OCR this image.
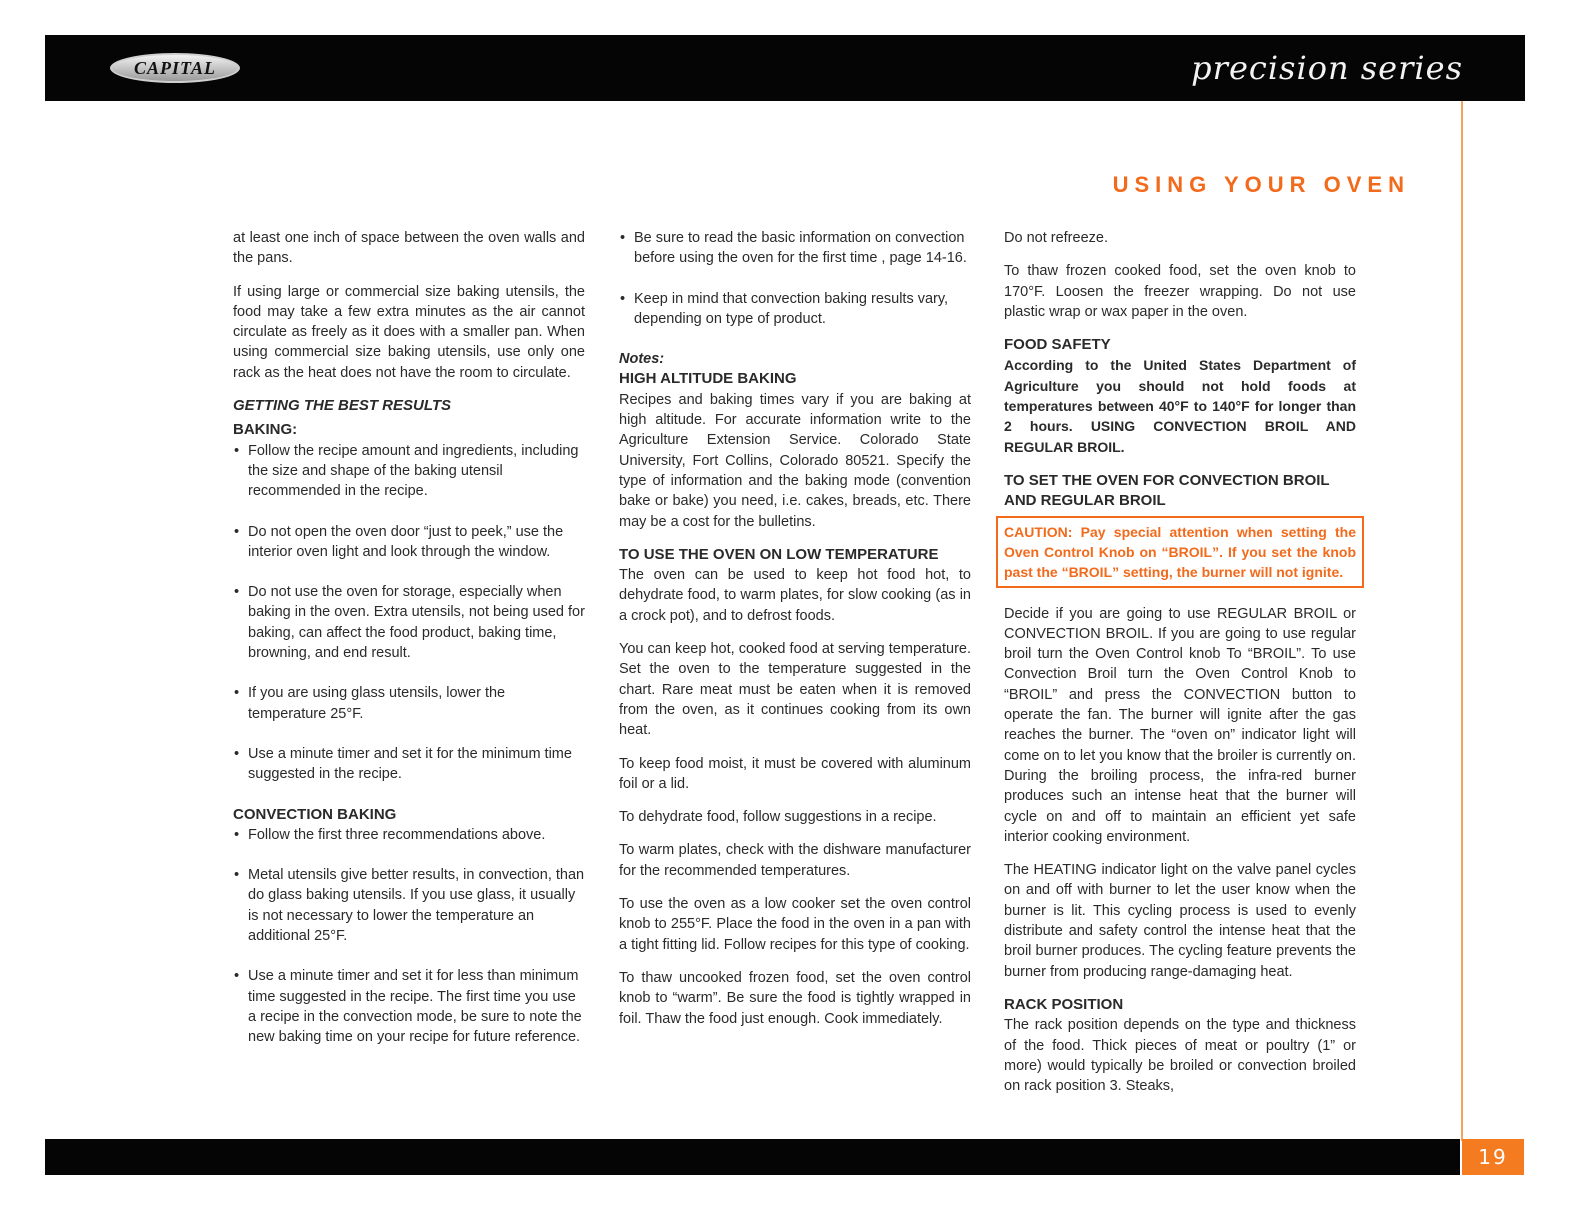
CAPITAL	precision series
USING YOUR OVEN

at least one inch of space between the oven walls and the pans.

If using large or commercial size baking utensils, the food may take a few extra minutes as the air cannot circulate as freely as it does with a smaller pan. When using commercial size baking utensils, use only one rack as the heat does not have the room to circulate.

GETTING THE BEST RESULTS
BAKING:
• Follow the recipe amount and ingredients, including the size and shape of the baking utensil recommended in the recipe.
• Do not open the oven door “just to peek,” use the interior oven light and look through the window.
• Do not use the oven for storage, especially when baking in the oven. Extra utensils, not being used for baking, can affect the food product, baking time, browning, and end result.
• If you are using glass utensils, lower the temperature 25°F.
• Use a minute timer and set it for the minimum time suggested in the recipe.
CONVECTION BAKING
• Follow the first three recommendations above.
• Metal utensils give better results, in convection, than do glass baking utensils. If you use glass, it usually is not necessary to lower the temperature an additional 25°F.
• Use a minute timer and set it for less than minimum time suggested in the recipe. The first time you use a recipe in the convection mode, be sure to note the new baking time on your recipe for future reference.
• Be sure to read the basic information on convection before using the oven for the first time , page 14-16.
• Keep in mind that convection baking results vary, depending on type of product.
Notes:
HIGH ALTITUDE BAKING

Recipes and baking times vary if you are baking at high altitude. For accurate information write to the Agriculture Extension Service. Colorado State University, Fort Collins, Colorado 80521. Specify the type of information and the baking mode (convention bake or bake) you need, i.e. cakes, breads, etc. There may be a cost for the bulletins.

TO USE THE OVEN ON LOW TEMPERATURE

The oven can be used to keep hot food hot, to dehydrate food, to warm plates, for slow cooking (as in a crock pot), and to defrost foods.

You can keep hot, cooked food at serving temperature. Set the oven to the temperature suggested in the chart. Rare meat must be eaten when it is removed from the oven, as it continues cooking from its own heat.

To keep food moist, it must be covered with aluminum foil or a lid.

To dehydrate food, follow suggestions in a recipe.

To warm plates, check with the dishware manufacturer for the recommended temperatures.

To use the oven as a low cooker set the oven control knob to 255°F. Place the food in the oven in a pan with a tight fitting lid. Follow recipes for this type of cooking.

To thaw uncooked frozen food, set the oven control knob to “warm”. Be sure the food is tightly wrapped in foil. Thaw the food just enough. Cook immediately.

Do not refreeze.

To thaw frozen cooked food, set the oven knob to 170°F. Loosen the freezer wrapping. Do not use plastic wrap or wax paper in the oven.

FOOD SAFETY
According to the United States Department of Agriculture you should not hold foods at temperatures between 40°F to 140°F for longer than 2 hours. USING CONVECTION BROIL AND REGULAR BROIL.
TO SET THE OVEN FOR CONVECTION BROIL AND REGULAR BROIL
CAUTION: Pay special attention when setting the Oven Control Knob on “BROIL”. If you set the knob past the “BROIL” setting, the burner will not ignite.

Decide if you are going to use REGULAR BROIL or CONVECTION BROIL. If you are going to use regular broil turn the Oven Control knob To “BROIL”. To use Convection Broil turn the Oven Control Knob to “BROIL” and press the CONVECTION button to operate the fan. The burner will ignite after the gas reaches the burner. The “oven on” indicator light will come on to let you know that the broiler is currently on. During the broiling process, the infra-red burner produces such an intense heat that the burner will cycle on and off to maintain an efficient yet safe interior cooking environment.

The HEATING indicator light on the valve panel cycles on and off with burner to let the user know when the burner is lit. This cycling process is used to evenly distribute and safety control the intense heat that the broil burner produces. The cycling feature prevents the burner from producing range-damaging heat.

RACK POSITION

The rack position depends on the type and thickness of the food. Thick pieces of meat or poultry (1” or more) would typically be broiled or convection broiled on rack position 3. Steaks,

19
